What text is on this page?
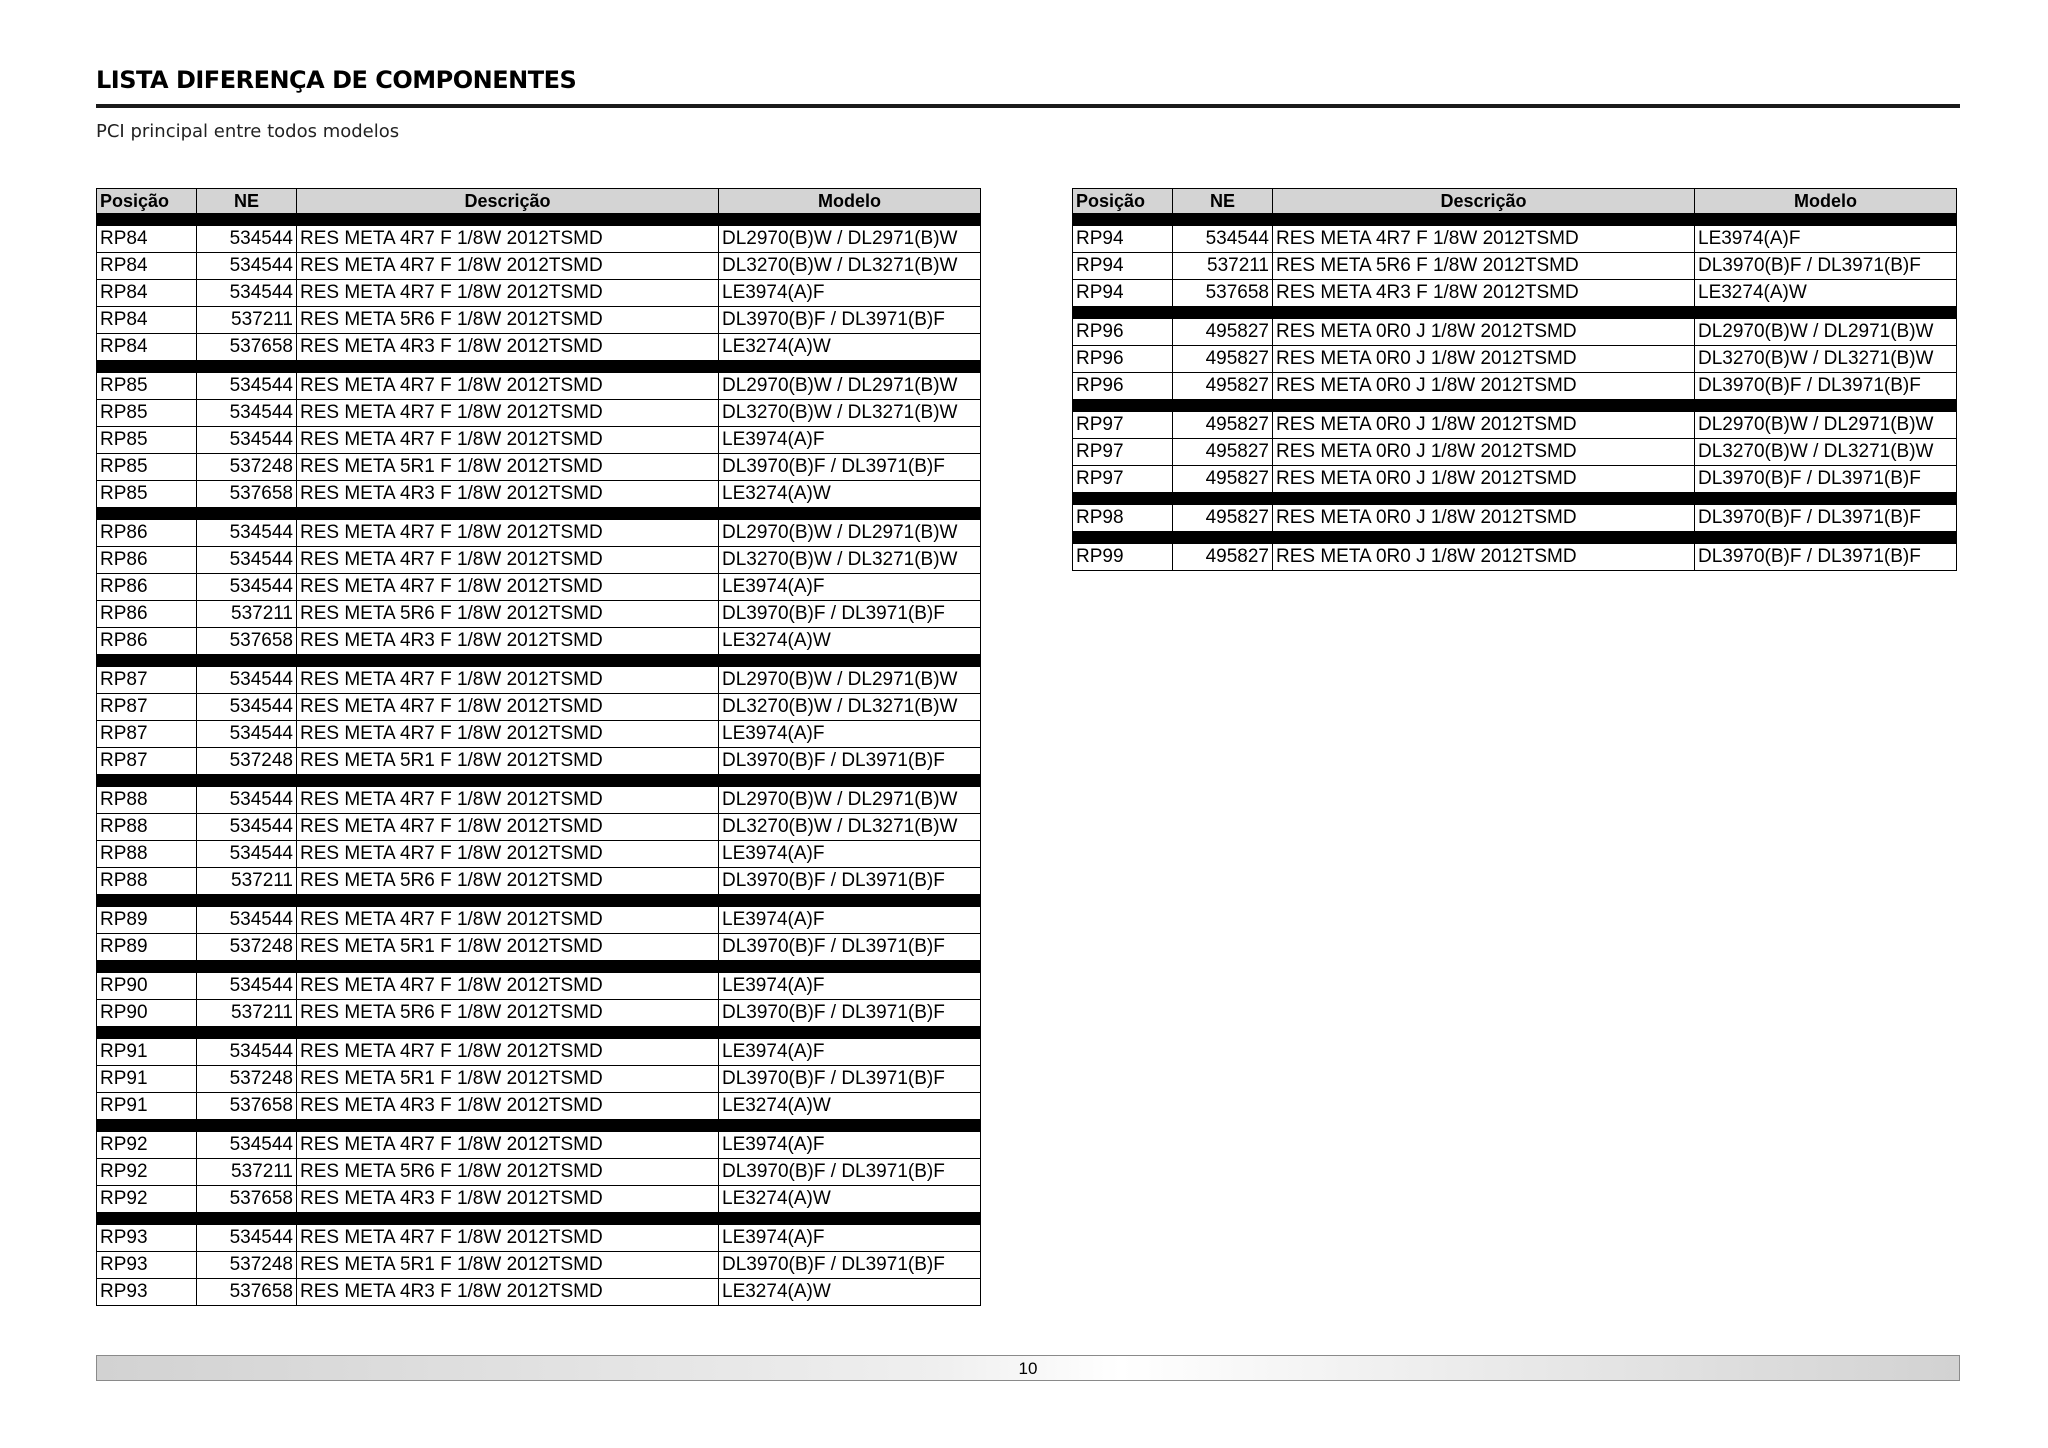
LISTA DIFERENÇA DE COMPONENTES
PCI principal entre todos modelos
Posição	NE	Descrição	Modelo

RP84	534544	RES META 4R7 F 1/8W 2012TSMD	DL2970(B)W / DL2971(B)W
RP84	534544	RES META 4R7 F 1/8W 2012TSMD	DL3270(B)W / DL3271(B)W
RP84	534544	RES META 4R7 F 1/8W 2012TSMD	LE3974(A)F
RP84	537211	RES META 5R6 F 1/8W 2012TSMD	DL3970(B)F / DL3971(B)F
RP84	537658	RES META 4R3 F 1/8W 2012TSMD	LE3274(A)W

RP85	534544	RES META 4R7 F 1/8W 2012TSMD	DL2970(B)W / DL2971(B)W
RP85	534544	RES META 4R7 F 1/8W 2012TSMD	DL3270(B)W / DL3271(B)W
RP85	534544	RES META 4R7 F 1/8W 2012TSMD	LE3974(A)F
RP85	537248	RES META 5R1 F 1/8W 2012TSMD	DL3970(B)F / DL3971(B)F
RP85	537658	RES META 4R3 F 1/8W 2012TSMD	LE3274(A)W

RP86	534544	RES META 4R7 F 1/8W 2012TSMD	DL2970(B)W / DL2971(B)W
RP86	534544	RES META 4R7 F 1/8W 2012TSMD	DL3270(B)W / DL3271(B)W
RP86	534544	RES META 4R7 F 1/8W 2012TSMD	LE3974(A)F
RP86	537211	RES META 5R6 F 1/8W 2012TSMD	DL3970(B)F / DL3971(B)F
RP86	537658	RES META 4R3 F 1/8W 2012TSMD	LE3274(A)W

RP87	534544	RES META 4R7 F 1/8W 2012TSMD	DL2970(B)W / DL2971(B)W
RP87	534544	RES META 4R7 F 1/8W 2012TSMD	DL3270(B)W / DL3271(B)W
RP87	534544	RES META 4R7 F 1/8W 2012TSMD	LE3974(A)F
RP87	537248	RES META 5R1 F 1/8W 2012TSMD	DL3970(B)F / DL3971(B)F

RP88	534544	RES META 4R7 F 1/8W 2012TSMD	DL2970(B)W / DL2971(B)W
RP88	534544	RES META 4R7 F 1/8W 2012TSMD	DL3270(B)W / DL3271(B)W
RP88	534544	RES META 4R7 F 1/8W 2012TSMD	LE3974(A)F
RP88	537211	RES META 5R6 F 1/8W 2012TSMD	DL3970(B)F / DL3971(B)F

RP89	534544	RES META 4R7 F 1/8W 2012TSMD	LE3974(A)F
RP89	537248	RES META 5R1 F 1/8W 2012TSMD	DL3970(B)F / DL3971(B)F

RP90	534544	RES META 4R7 F 1/8W 2012TSMD	LE3974(A)F
RP90	537211	RES META 5R6 F 1/8W 2012TSMD	DL3970(B)F / DL3971(B)F

RP91	534544	RES META 4R7 F 1/8W 2012TSMD	LE3974(A)F
RP91	537248	RES META 5R1 F 1/8W 2012TSMD	DL3970(B)F / DL3971(B)F
RP91	537658	RES META 4R3 F 1/8W 2012TSMD	LE3274(A)W

RP92	534544	RES META 4R7 F 1/8W 2012TSMD	LE3974(A)F
RP92	537211	RES META 5R6 F 1/8W 2012TSMD	DL3970(B)F / DL3971(B)F
RP92	537658	RES META 4R3 F 1/8W 2012TSMD	LE3274(A)W

RP93	534544	RES META 4R7 F 1/8W 2012TSMD	LE3974(A)F
RP93	537248	RES META 5R1 F 1/8W 2012TSMD	DL3970(B)F / DL3971(B)F
RP93	537658	RES META 4R3 F 1/8W 2012TSMD	LE3274(A)W
Posição	NE	Descrição	Modelo

RP94	534544	RES META 4R7 F 1/8W 2012TSMD	LE3974(A)F
RP94	537211	RES META 5R6 F 1/8W 2012TSMD	DL3970(B)F / DL3971(B)F
RP94	537658	RES META 4R3 F 1/8W 2012TSMD	LE3274(A)W

RP96	495827	RES META 0R0 J 1/8W 2012TSMD	DL2970(B)W / DL2971(B)W
RP96	495827	RES META 0R0 J 1/8W 2012TSMD	DL3270(B)W / DL3271(B)W
RP96	495827	RES META 0R0 J 1/8W 2012TSMD	DL3970(B)F / DL3971(B)F

RP97	495827	RES META 0R0 J 1/8W 2012TSMD	DL2970(B)W / DL2971(B)W
RP97	495827	RES META 0R0 J 1/8W 2012TSMD	DL3270(B)W / DL3271(B)W
RP97	495827	RES META 0R0 J 1/8W 2012TSMD	DL3970(B)F / DL3971(B)F

RP98	495827	RES META 0R0 J 1/8W 2012TSMD	DL3970(B)F / DL3971(B)F

RP99	495827	RES META 0R0 J 1/8W 2012TSMD	DL3970(B)F / DL3971(B)F
10
